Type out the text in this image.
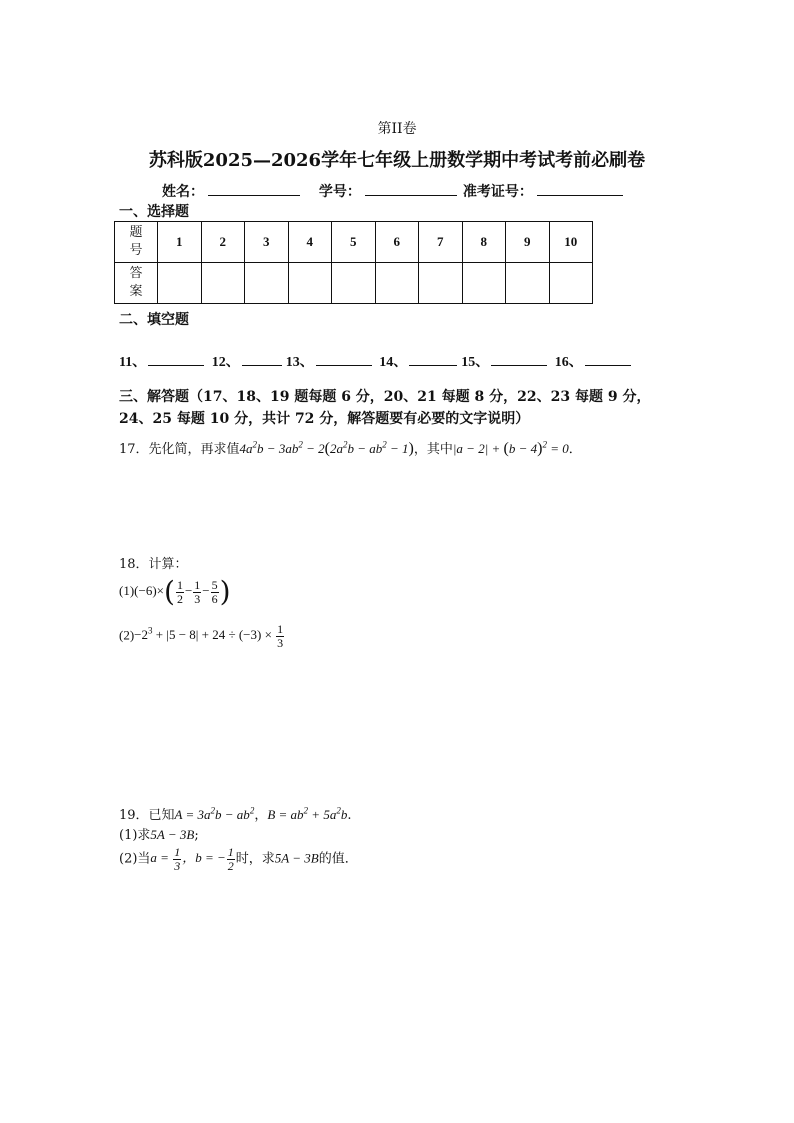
第II卷
苏科版2025—2026学年七年级上册数学期中考试考前必刷卷
姓名：	学号：	准考证号：
一、选择题
题
号	1	2	3	4	5	6	7	8	9	10
答
案										
二、填空题
11、	12、	13、	14、	15、	16、
三、解答题（17、18、19 题每题 6 分，20、21 每题 8 分，22、23 每题 9 分，
24、25 每题 10 分，共计 72 分，解答题要有必要的文字说明）
17．先化简，再求值$4a^2b - 3ab^2 - 2(2a^2b - ab^2 - 1)$，其中$|a - 2| + (b - 4)^2 = 0$．
18．计算：
$(1)(-6)\times( \frac{1}{2} - \frac{1}{3} - \frac{5}{6}$ )
$(2)-2^3 + |5 - 8| + 24 \div (-3) \times \frac{1}{3}$
19．已知$A = 3a^2b - ab^2$，$B = ab^2 + 5a^2b$.
(1)求5A − 3B;
(2)当$a = \frac{1}{3}$ ，b = − $\frac{1}{2}$ 时，求5A − 3B的值．
